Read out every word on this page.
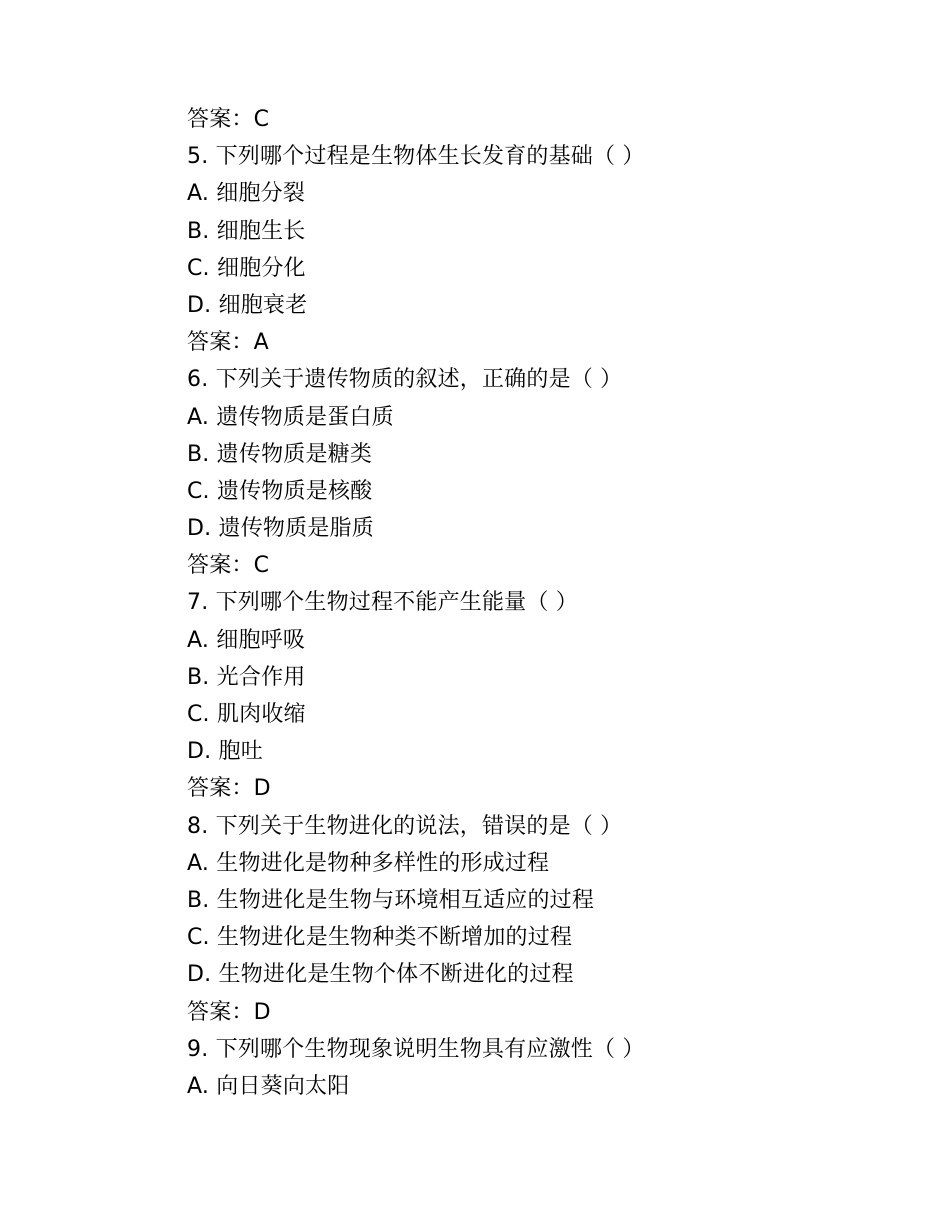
答案：C
5. 下列哪个过程是生物体生长发育的基础（ ）
A. 细胞分裂
B. 细胞生长
C. 细胞分化
D. 细胞衰老
答案：A
6. 下列关于遗传物质的叙述，正确的是（ ）
A. 遗传物质是蛋白质
B. 遗传物质是糖类
C. 遗传物质是核酸
D. 遗传物质是脂质
答案：C
7. 下列哪个生物过程不能产生能量（ ）
A. 细胞呼吸
B. 光合作用
C. 肌肉收缩
D. 胞吐
答案：D
8. 下列关于生物进化的说法，错误的是（ ）
A. 生物进化是物种多样性的形成过程
B. 生物进化是生物与环境相互适应的过程
C. 生物进化是生物种类不断增加的过程
D. 生物进化是生物个体不断进化的过程
答案：D
9. 下列哪个生物现象说明生物具有应激性（ ）
A. 向日葵向太阳
